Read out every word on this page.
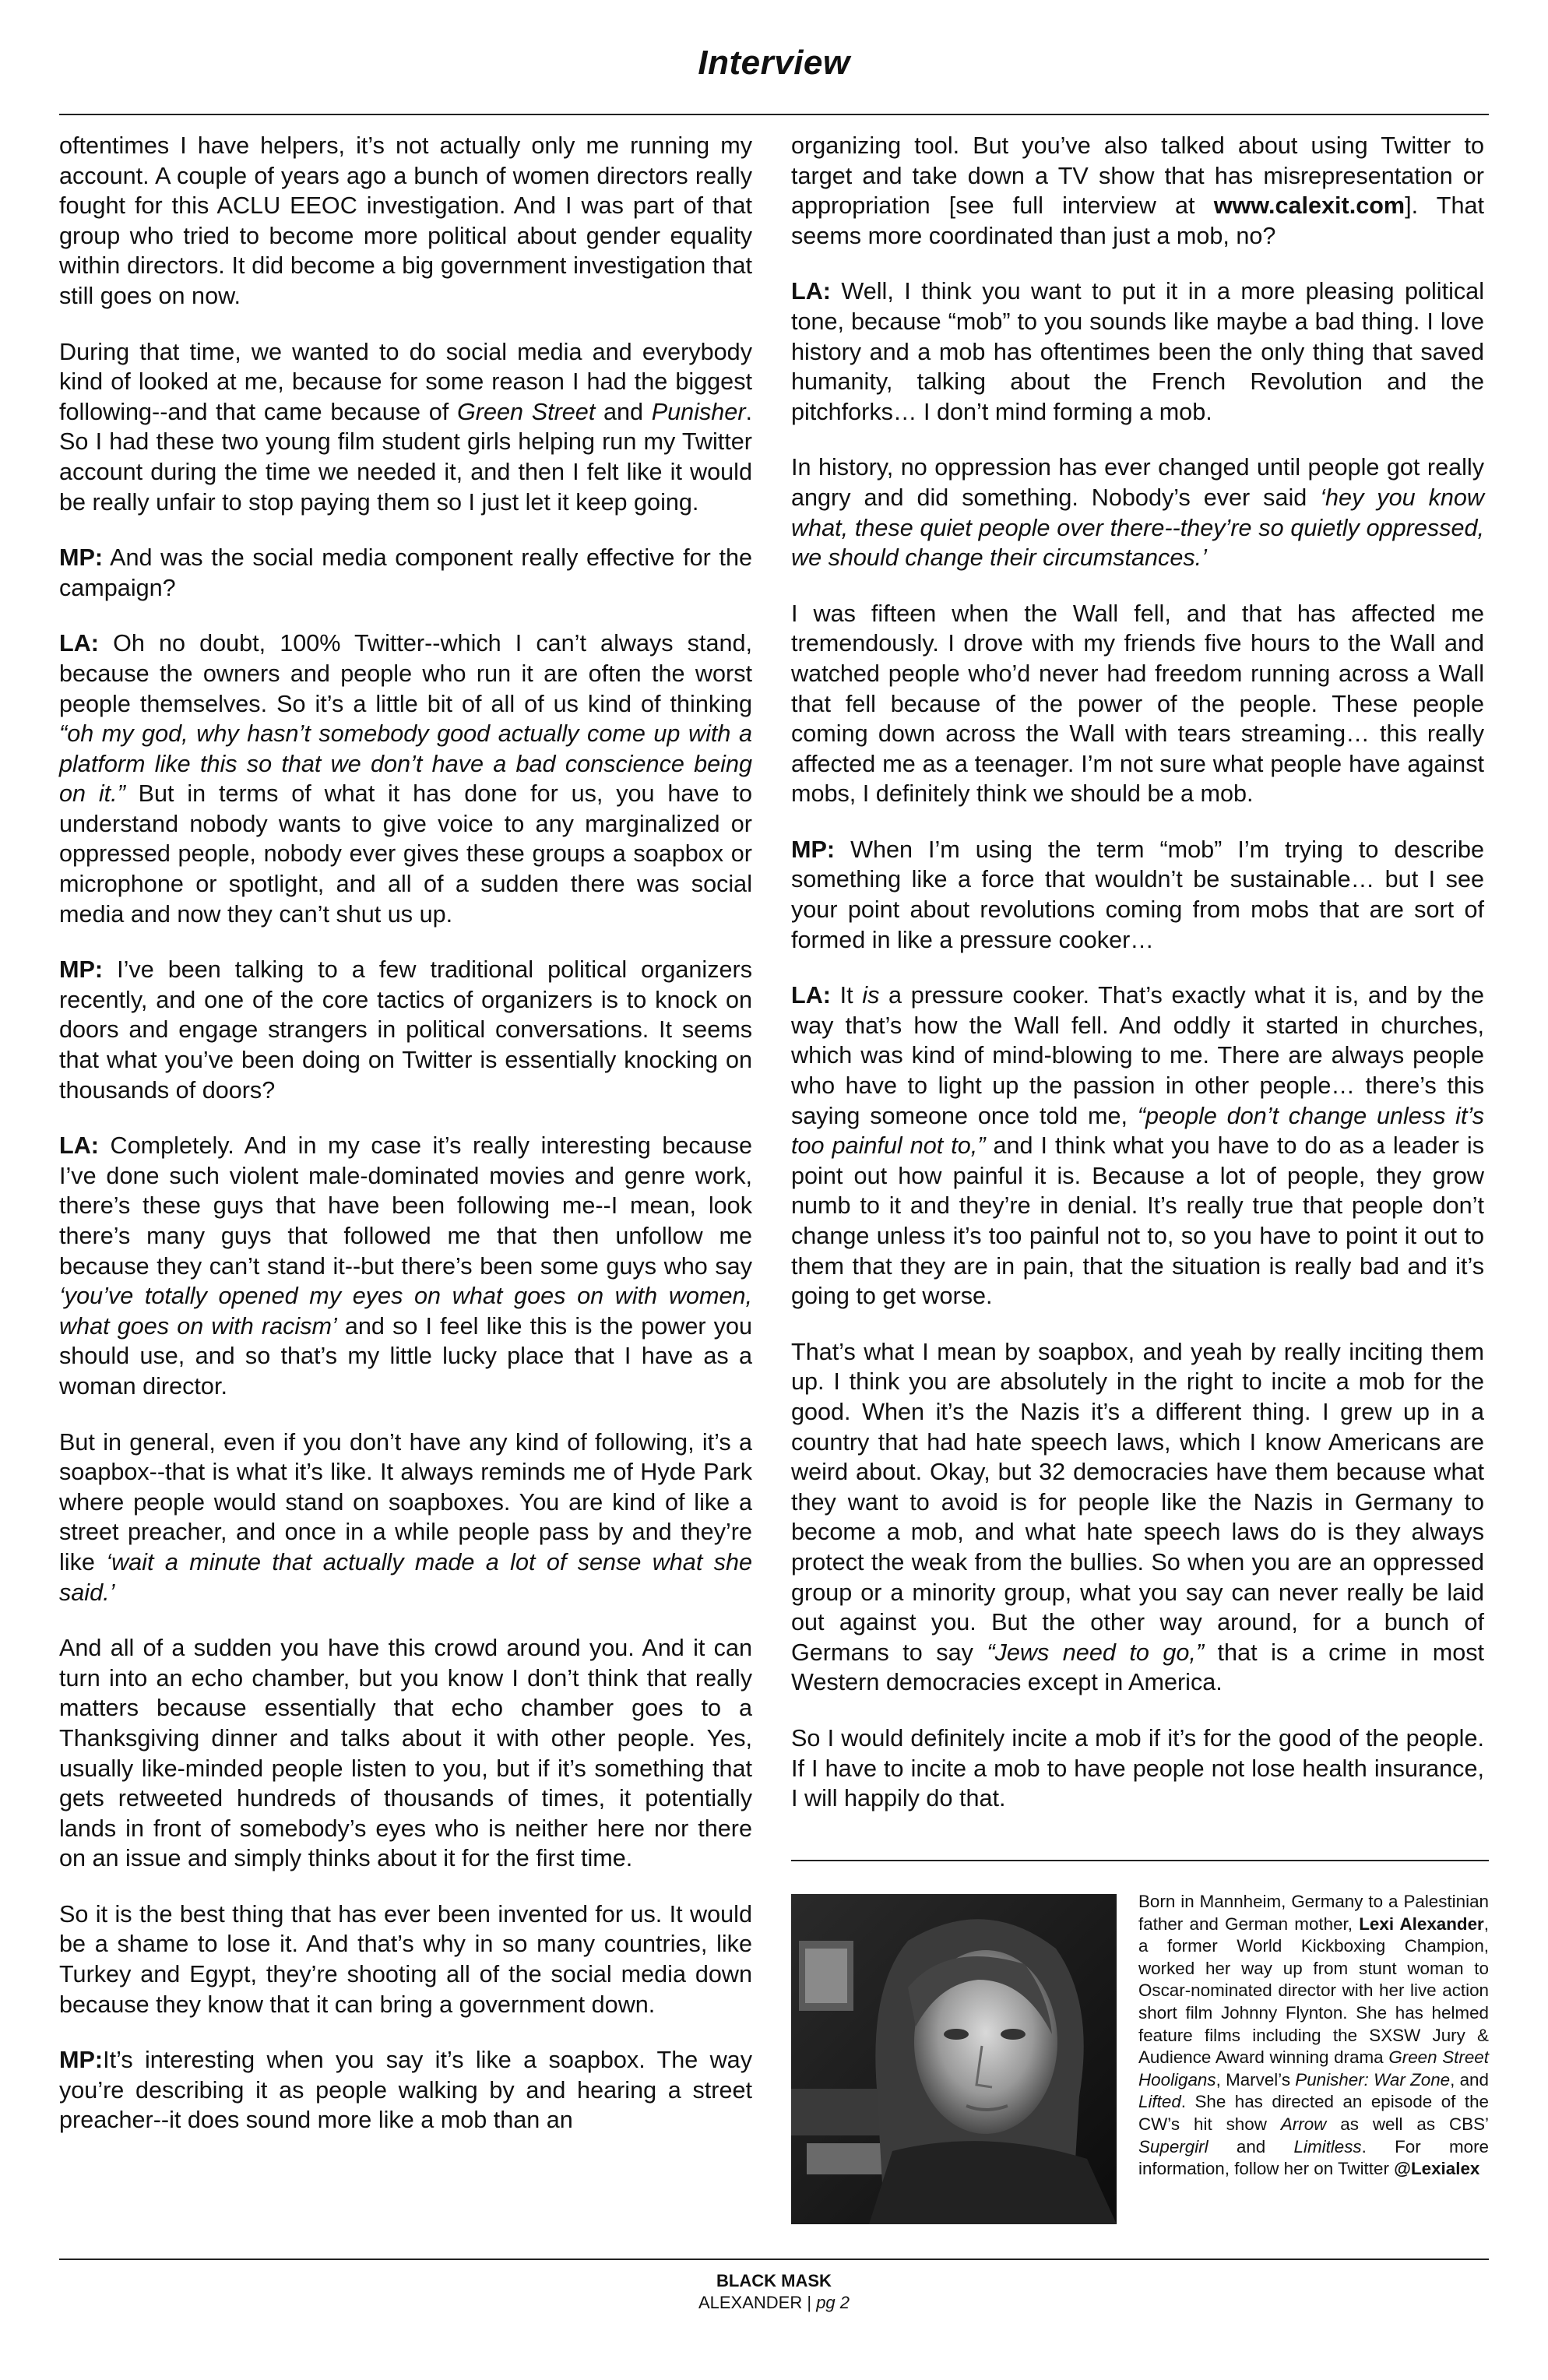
Interview

oftentimes I have helpers, it’s not actually only me running my account. A couple of years ago a bunch of women directors really fought for this ACLU EEOC investigation. And I was part of that group who tried to become more political about gender equality within directors. It did become a big government investigation that still goes on now.

During that time, we wanted to do social media and everybody kind of looked at me, because for some reason I had the biggest following--and that came because of Green Street and Punisher. So I had these two young film student girls helping run my Twitter account during the time we needed it, and then I felt like it would be really unfair to stop paying them so I just let it keep going.

MP: And was the social media component really effective for the campaign?

LA: Oh no doubt, 100% Twitter--which I can’t always stand, because the owners and people who run it are often the worst people themselves. So it’s a little bit of all of us kind of thinking “oh my god, why hasn’t somebody good actually come up with a platform like this so that we don’t have a bad conscience being on it.” But in terms of what it has done for us, you have to understand nobody wants to give voice to any marginalized or oppressed people, nobody ever gives these groups a soapbox or microphone or spotlight, and all of a sudden there was social media and now they can’t shut us up.

MP: I’ve been talking to a few traditional political organizers recently, and one of the core tactics of organizers is to knock on doors and engage strangers in political conversations. It seems that what you’ve been doing on Twitter is essentially knocking on thousands of doors?

LA: Completely. And in my case it’s really interesting because I’ve done such violent male-dominated movies and genre work, there’s these guys that have been following me--I mean, look there’s many guys that followed me that then unfollow me because they can’t stand it--but there’s been some guys who say ‘you’ve totally opened my eyes on what goes on with women, what goes on with racism’ and so I feel like this is the power you should use, and so that’s my little lucky place that I have as a woman director.

But in general, even if you don’t have any kind of following, it’s a soapbox--that is what it’s like. It always reminds me of Hyde Park where people would stand on soapboxes. You are kind of like a street preacher, and once in a while people pass by and they’re like ‘wait a minute that actually made a lot of sense what she said.’

And all of a sudden you have this crowd around you. And it can turn into an echo chamber, but you know I don’t think that really matters because essentially that echo chamber goes to a Thanksgiving dinner and talks about it with other people. Yes, usually like-minded people listen to you, but if it’s something that gets retweeted hundreds of thousands of times, it potentially lands in front of somebody’s eyes who is neither here nor there on an issue and simply thinks about it for the first time.

So it is the best thing that has ever been invented for us. It would be a shame to lose it. And that’s why in so many countries, like Turkey and Egypt, they’re shooting all of the social media down because they know that it can bring a government down.

MP:It’s interesting when you say it’s like a soapbox. The way you’re describing it as people walking by and hearing a street preacher--it does sound more like a mob than an

organizing tool. But you’ve also talked about using Twitter to target and take down a TV show that has misrepresentation or appropriation [see full interview at www.calexit.com]. That seems more coordinated than just a mob, no?

LA: Well, I think you want to put it in a more pleasing political tone, because “mob” to you sounds like maybe a bad thing. I love history and a mob has oftentimes been the only thing that saved humanity, talking about the French Revolution and the pitchforks… I don’t mind forming a mob.

In history, no oppression has ever changed until people got really angry and did something. Nobody’s ever said ‘hey you know what, these quiet people over there--they’re so quietly oppressed, we should change their circumstances.’

I was fifteen when the Wall fell, and that has affected me tremendously. I drove with my friends five hours to the Wall and watched people who’d never had freedom running across a Wall that fell because of the power of the people. These people coming down across the Wall with tears streaming… this really affected me as a teenager. I’m not sure what people have against mobs, I definitely think we should be a mob.

MP: When I’m using the term “mob” I’m trying to describe something like a force that wouldn’t be sustainable… but I see your point about revolutions coming from mobs that are sort of formed in like a pressure cooker…

LA: It is a pressure cooker. That’s exactly what it is, and by the way that’s how the Wall fell. And oddly it started in churches, which was kind of mind-blowing to me. There are always people who have to light up the passion in other people… there’s this saying someone once told me, “people don’t change unless it’s too painful not to,” and I think what you have to do as a leader is point out how painful it is. Because a lot of people, they grow numb to it and they’re in denial. It’s really true that people don’t change unless it’s too painful not to, so you have to point it out to them that they are in pain, that the situation is really bad and it’s going to get worse.

That’s what I mean by soapbox, and yeah by really inciting them up. I think you are absolutely in the right to incite a mob for the good. When it’s the Nazis it’s a different thing. I grew up in a country that had hate speech laws, which I know Americans are weird about. Okay, but 32 democracies have them because what they want to avoid is for people like the Nazis in Germany to become a mob, and what hate speech laws do is they always protect the weak from the bullies. So when you are an oppressed group or a minority group, what you say can never really be laid out against you. But the other way around, for a bunch of Germans to say “Jews need to go,” that is a crime in most Western democracies except in America.

So I would definitely incite a mob if it’s for the good of the people. If I have to incite a mob to have people not lose health insurance, I will happily do that.

Born in Mannheim, Germany to a Palestinian father and German mother, Lexi Alexander, a former World Kickboxing Champion, worked her way up from stunt woman to Oscar-nominated director with her live action short film Johnny Flynton. She has helmed feature films including the SXSW Jury & Audience Award winning drama Green Street Hooligans, Marvel’s Punisher: War Zone, and Lifted. She has directed an episode of the CW’s hit show Arrow as well as CBS’ Supergirl and Limitless. For more information, follow her on Twitter @Lexialex
BLACK MASK
ALEXANDER | pg 2
